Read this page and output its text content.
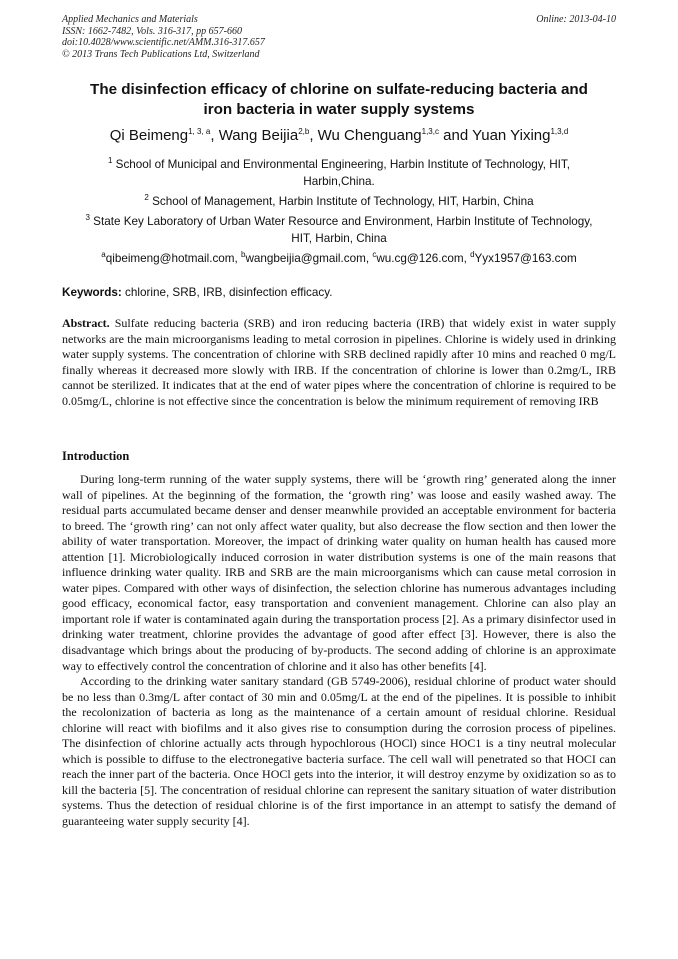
Applied Mechanics and Materials
ISSN: 1662-7482, Vols. 316-317, pp 657-660
doi:10.4028/www.scientific.net/AMM.316-317.657
© 2013 Trans Tech Publications Ltd, Switzerland
Online: 2013-04-10
The disinfection efficacy of chlorine on sulfate-reducing bacteria and
iron bacteria in water supply systems
Qi Beimeng$^{1, 3, a}$, Wang Beijia$^{2,b}$, Wu Chenguang$^{1,3,c}$ and Yuan Yixing$^{1,3,d}$
$^1$ School of Municipal and Environmental Engineering, Harbin Institute of Technology, HIT,
Harbin,China.
$^2$ School of Management, Harbin Institute of Technology, HIT, Harbin, China
$^3$ State Key Laboratory of Urban Water Resource and Environment, Harbin Institute of Technology,
HIT, Harbin, China
$^a$qibeimeng@hotmail.com, $^b$wangbeijia@gmail.com, $^c$wu.cg@126.com, $^d$Yyx1957@163.com
Keywords: chlorine, SRB, IRB, disinfection efficacy.

Abstract. Sulfate reducing bacteria (SRB) and iron reducing bacteria (IRB) that widely exist in water supply networks are the main microorganisms leading to metal corrosion in pipelines. Chlorine is widely used in drinking water supply systems. The concentration of chlorine with SRB declined rapidly after 10 mins and reached 0 mg/L finally whereas it decreased more slowly with IRB. If the concentration of chlorine is lower than 0.2mg/L, IRB cannot be sterilized. It indicates that at the end of water pipes where the concentration of chlorine is required to be 0.05mg/L, chlorine is not effective since the concentration is below the minimum requirement of removing IRB

Introduction

During long-term running of the water supply systems, there will be ‘growth ring’ generated along the inner wall of pipelines. At the beginning of the formation, the ‘growth ring’ was loose and easily washed away. The residual parts accumulated became denser and denser meanwhile provided an acceptable environment for bacteria to breed. The ‘growth ring’ can not only affect water quality, but also decrease the flow section and then lower the ability of water transportation. Moreover, the impact of drinking water quality on human health has caused more attention [1]. Microbiologically induced corrosion in water distribution systems is one of the main reasons that influence drinking water quality. IRB and SRB are the main microorganisms which can cause metal corrosion in water pipes. Compared with other ways of disinfection, the selection chlorine has numerous advantages including good efficacy, economical factor, easy transportation and convenient management. Chlorine can also play an important role if water is contaminated again during the transportation process [2]. As a primary disinfector used in drinking water treatment, chlorine provides the advantage of good after effect [3]. However, there is also the disadvantage which brings about the producing of by-products. The second adding of chlorine is an approximate way to effectively control the concentration of chlorine and it also has other benefits [4].

According to the drinking water sanitary standard (GB 5749-2006), residual chlorine of product water should be no less than 0.3mg/L after contact of 30 min and 0.05mg/L at the end of the pipelines. It is possible to inhibit the recolonization of bacteria as long as the maintenance of a certain amount of residual chlorine. Residual chlorine will react with biofilms and it also gives rise to consumption during the corrosion process of pipelines. The disinfection of chlorine actually acts through hypochlorous (HOCl) since HOC1 is a tiny neutral molecular which is possible to diffuse to the electronegative bacteria surface. The cell wall will penetrated so that HOCI can reach the inner part of the bacteria. Once HOCl gets into the interior, it will destroy enzyme by oxidization so as to kill the bacteria [5]. The concentration of residual chlorine can represent the sanitary situation of water distribution systems. Thus the detection of residual chlorine is of the first importance in an attempt to satisfy the demand of guaranteeing water supply security [4].
